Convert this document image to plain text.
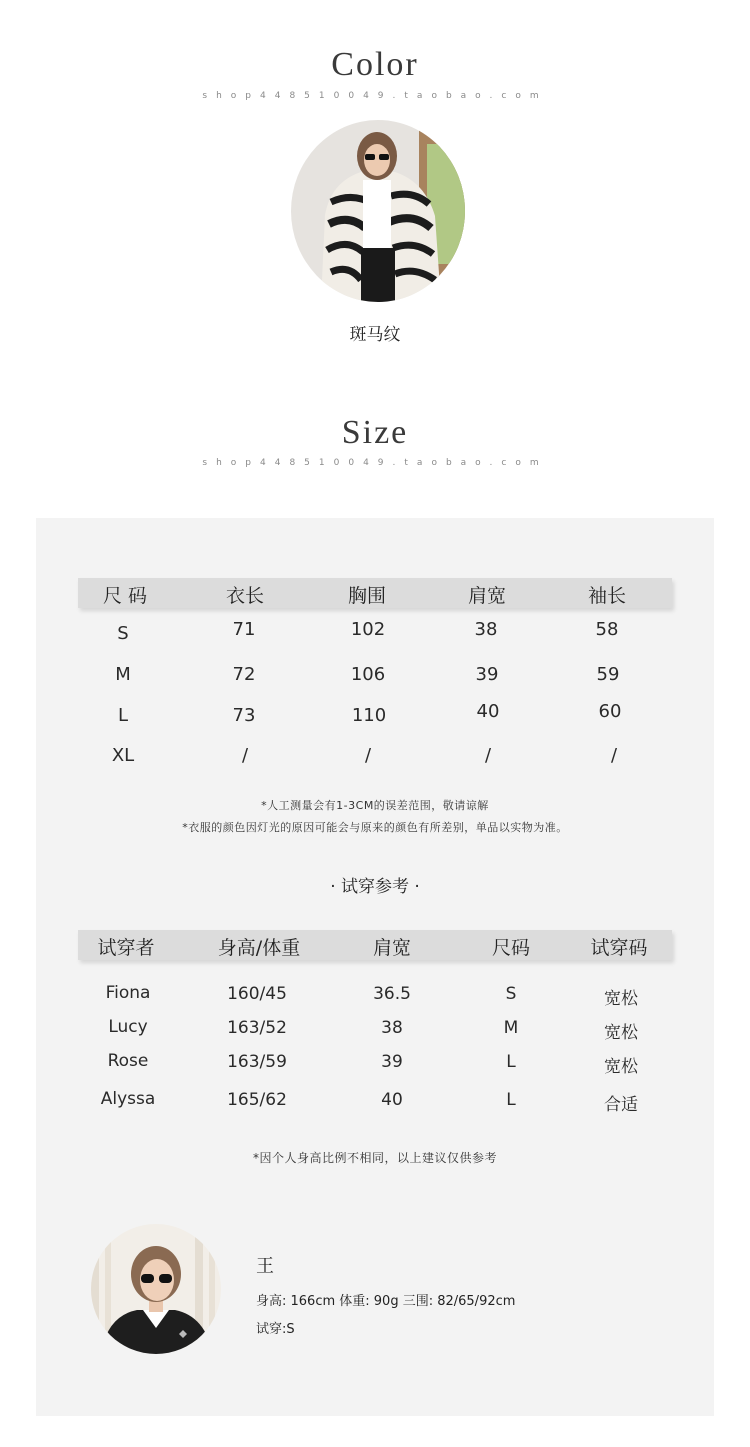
Color
shop448510049.taobao.com
斑马纹
Size
shop448510049.taobao.com
尺 码	衣长	胸围	肩宽	袖长
S	71	102	38	58
M	72	106	39	59
L	73	110	40	60
XL	/	/	/	/
*人工测量会有1-3CM的误差范围，敬请谅解
*衣服的颜色因灯光的原因可能会与原来的颜色有所差别，单品以实物为准。
· 试穿参考 ·
试穿者	身高/体重	肩宽	尺码	试穿码
Fiona	160/45	36.5	S	宽松
Lucy	163/52	38	M	宽松
Rose	163/59	39	L	宽松
Alyssa	165/62	40	L	合适
*因个人身高比例不相同，以上建议仅供参考
王
身高: 166cm 体重: 90g 三围: 82/65/92cm
试穿:S
